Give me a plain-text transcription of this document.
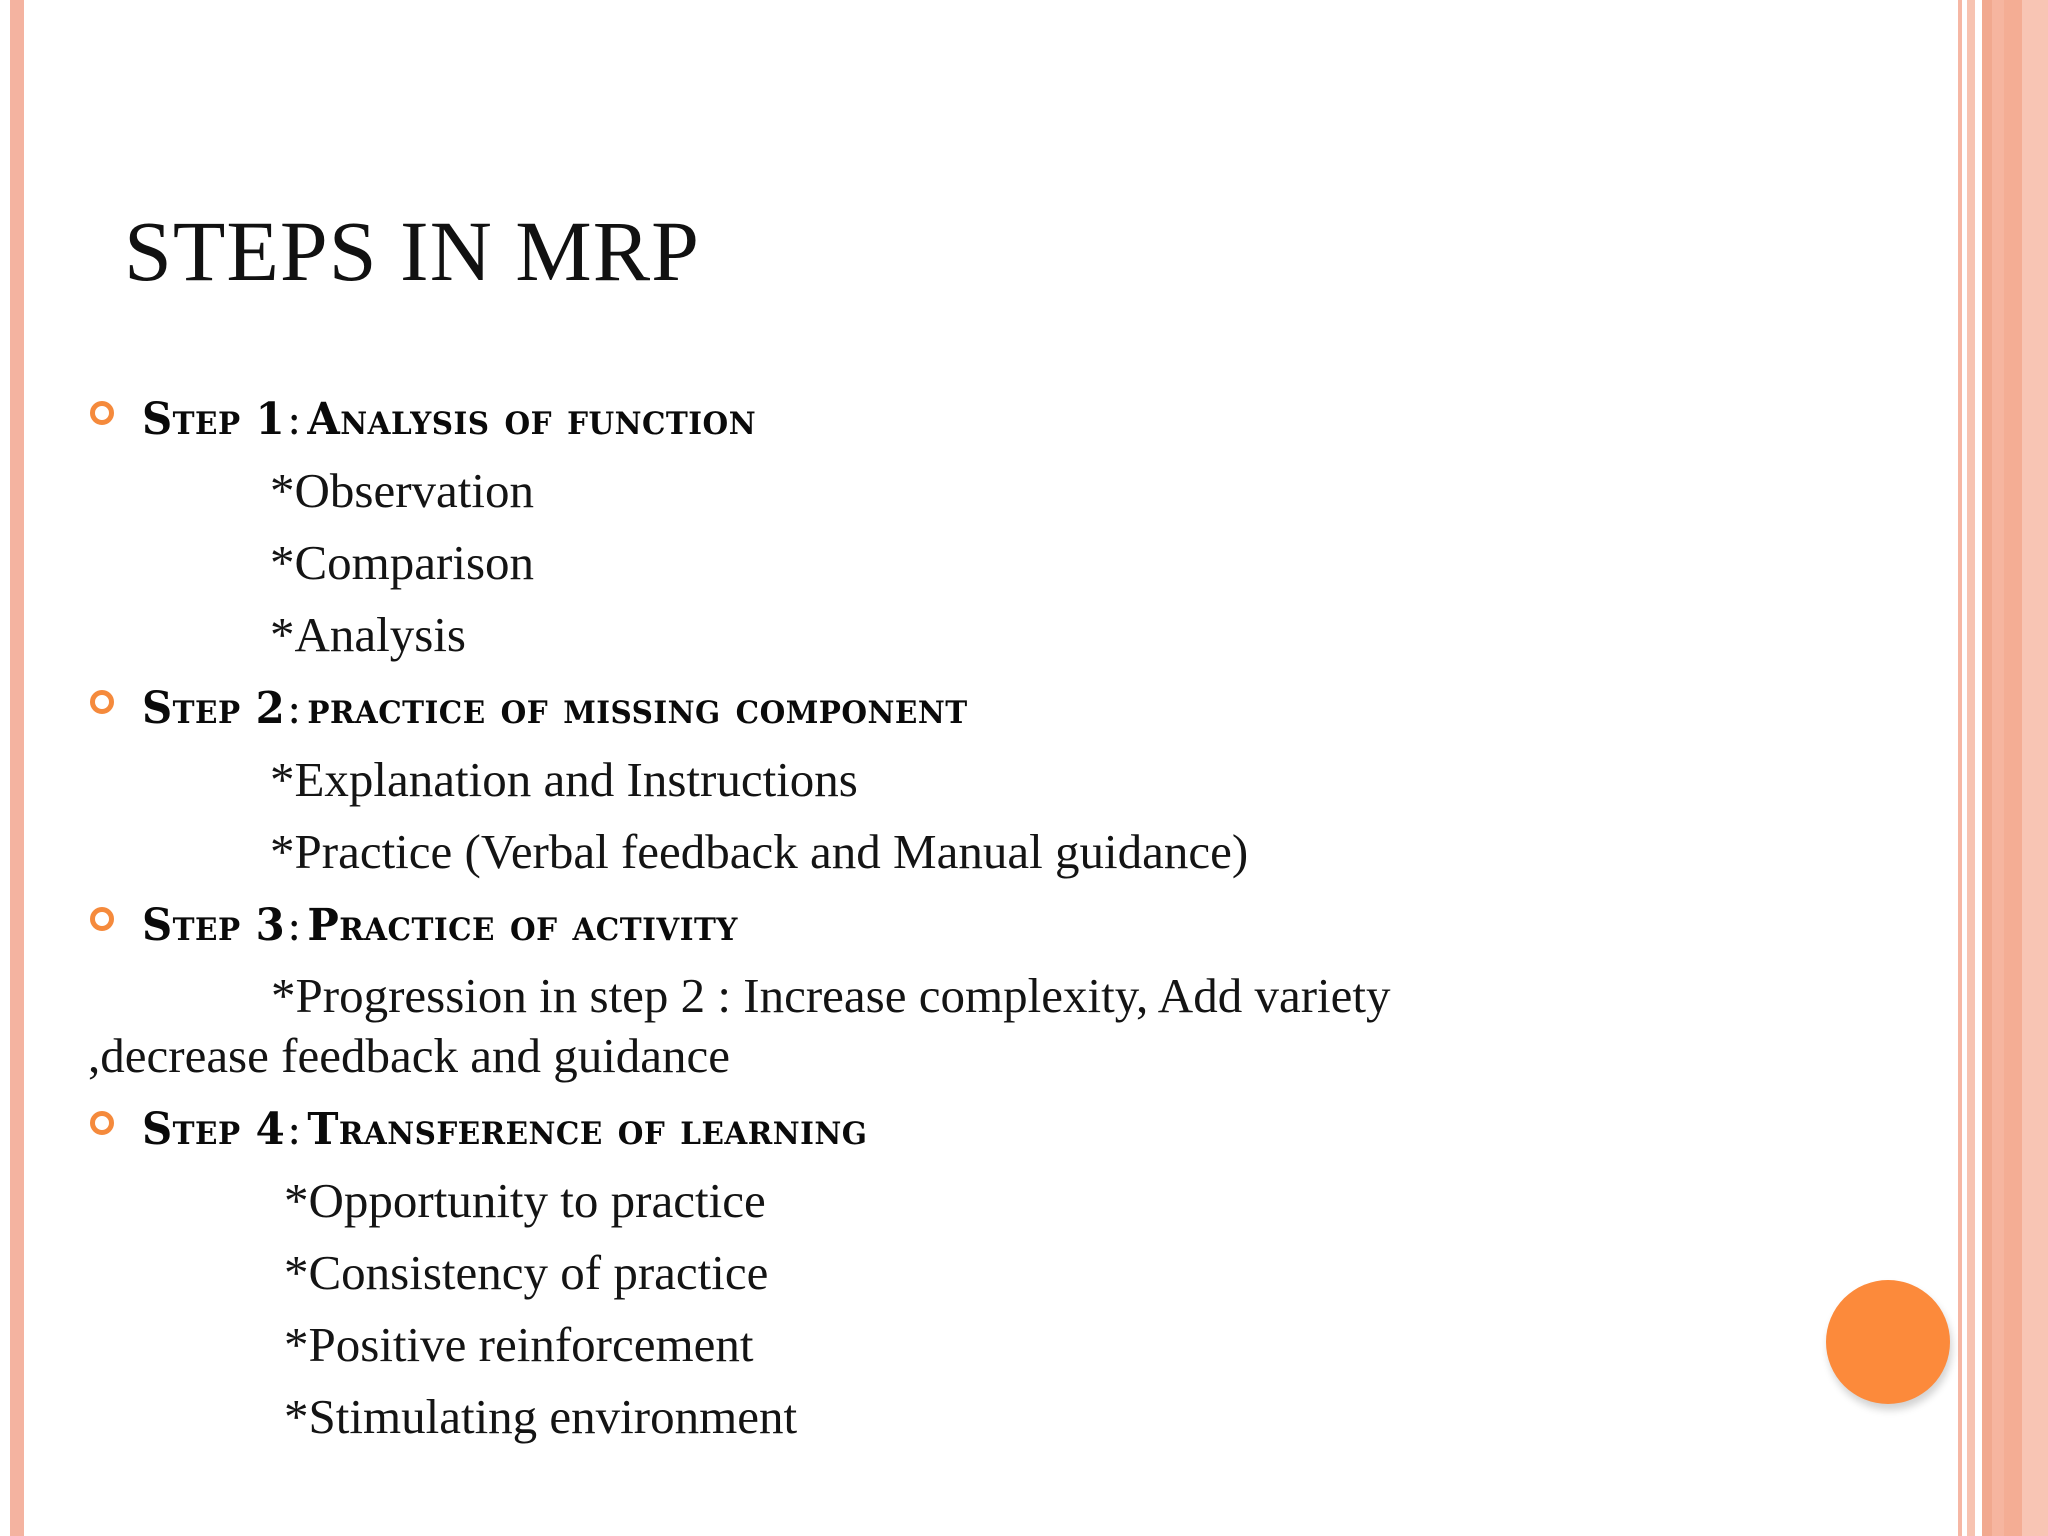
STEPS IN MRP
Step 1: Analysis of function
*Observation
*Comparison
*Analysis
Step 2: practice of missing component
*Explanation and Instructions
*Practice (Verbal feedback and Manual guidance)
Step 3: Practice of activity
*Progression in step 2 : Increase complexity, Add variety ,decrease feedback and guidance
Step 4: Transference of learning
*Opportunity to practice
*Consistency of practice
*Positive reinforcement
*Stimulating environment
